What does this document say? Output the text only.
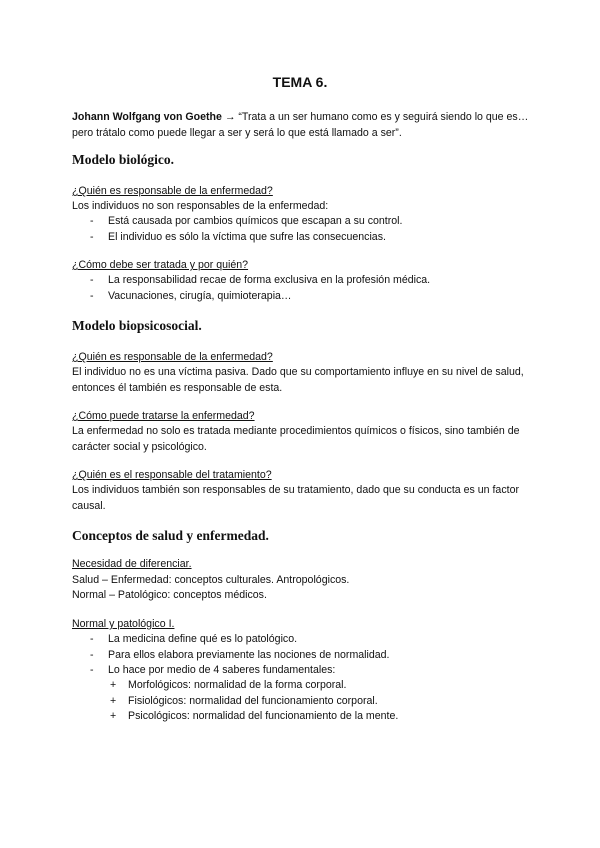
TEMA 6.
Johann Wolfgang von Goethe → “Trata a un ser humano como es y seguirá siendo lo que es… pero trátalo como puede llegar a ser y será lo que está llamado a ser”.
Modelo biológico.
¿Quién es responsable de la enfermedad?
Los individuos no son responsables de la enfermedad:
- Está causada por cambios químicos que escapan a su control.
- El individuo es sólo la víctima que sufre las consecuencias.
¿Cómo debe ser tratada y por quién?
- La responsabilidad recae de forma exclusiva en la profesión médica.
- Vacunaciones, cirugía, quimioterapia…
Modelo biopsicosocial.
¿Quién es responsable de la enfermedad?
El individuo no es una víctima pasiva. Dado que su comportamiento influye en su nivel de salud, entonces él también es responsable de esta.
¿Cómo puede tratarse la enfermedad?
La enfermedad no solo es tratada mediante procedimientos químicos o físicos, sino también de carácter social y psicológico.
¿Quién es el responsable del tratamiento?
Los individuos también son responsables de su tratamiento, dado que su conducta es un factor causal.
Conceptos de salud y enfermedad.
Necesidad de diferenciar.
Salud – Enfermedad: conceptos culturales. Antropológicos.
Normal – Patológico: conceptos médicos.
Normal y patológico I.
- La medicina define qué es lo patológico.
- Para ellos elabora previamente las nociones de normalidad.
- Lo hace por medio de 4 saberes fundamentales:
+ Morfológicos: normalidad de la forma corporal.
+ Fisiológicos: normalidad del funcionamiento corporal.
+ Psicológicos: normalidad del funcionamiento de la mente.
